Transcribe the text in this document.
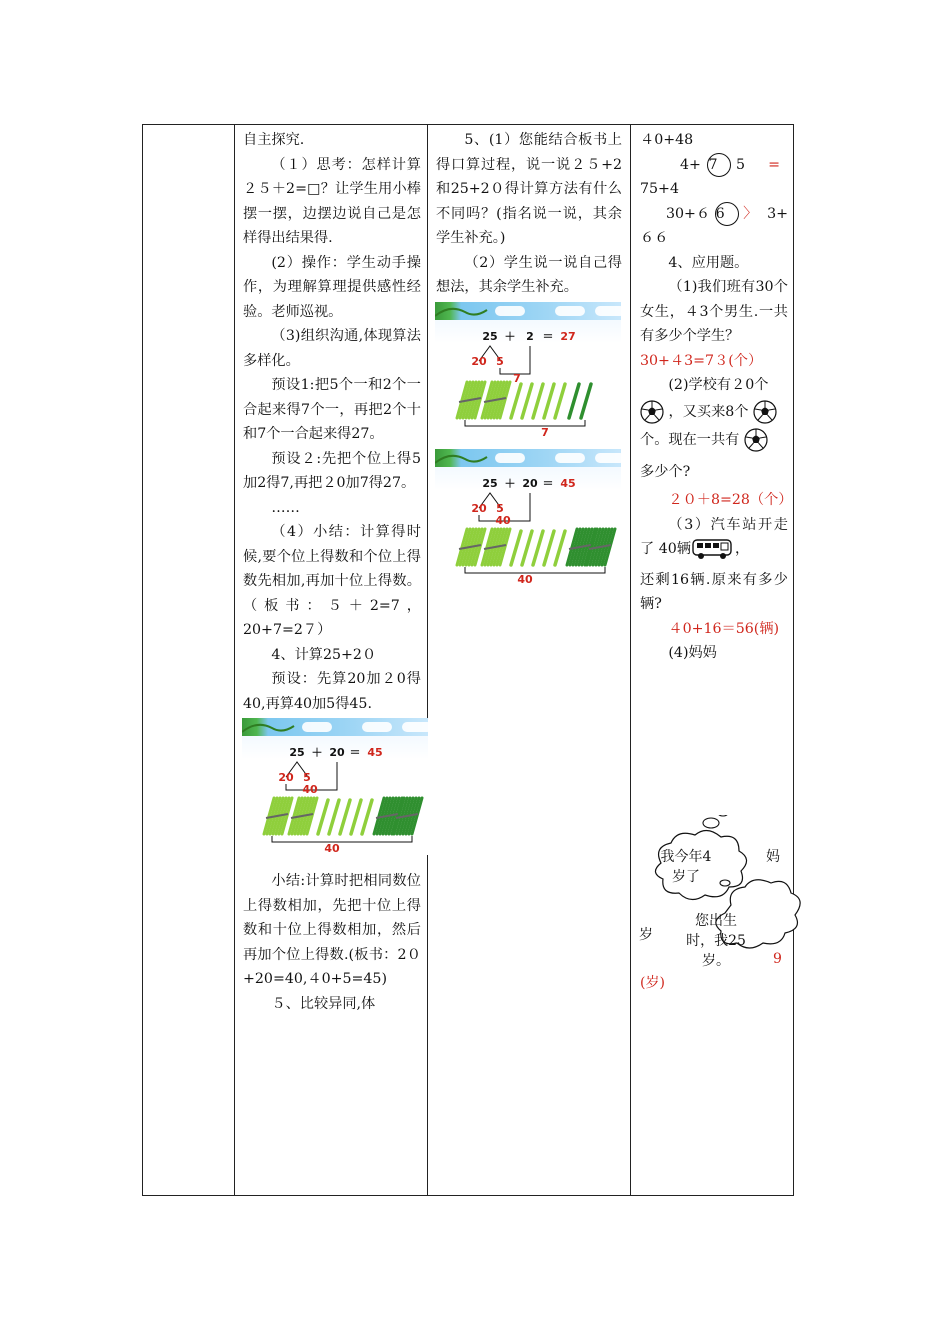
自主探究.

（１）思考：怎样计算２５＋2=□？让学生用小棒摆一摆，边摆边说自己是怎样得出结果得.

(2）操作：学生动手操作，为理解算理提供感性经验。老师巡视。

（3)组织沟通,体现算法多样化。

预设1:把5个一和2个一合起来得7个一，再把2个十和7个一合起来得27。

预设２:先把个位上得5加2得7,再把２0加7得27。

……

（4）小结：计算得时候,要个位上得数和个位上得数先相加,再加十位上得数。（板书：５＋2=7，20+7=2７）

4、计算25+2０

预设：先算20加２0得40,再算40加5得45.

25 ＋ 20 ＝ 45
20 5
40
40

小结:计算时把相同数位上得数相加，先把十位上得数和十位上得数相加，然后再加个位上得数.(板书：2０+20=40,４0+5=45)

５、比较异同,体

5、(1）您能结合板书上得口算过程，说一说２５+2和25+2０得计算方法有什么不同吗？(指名说一说，其余学生补充。)

（2）学生说一说自己得想法，其余学生补充。

25 ＋ 2 ＝ 27
20 5
7
7
25 ＋ 20 ＝ 45
20 5
40
40

４0+48

4+ 7 5 =

75+4

30+６ 6 〉 3+

６６

4、应用题。

（1)我们班有30个女生，４3个男生.一共有多少个学生？

30+４3=7３(个）

(2)学校有２0个

，又买来8个

个。现在一共有

多少个?

２０＋8=28（个）

（3）汽车站开走了 40辆	，

还剩16辆.原来有多少辆?

４0+16＝56(辆)

(4)妈妈

我今年4岁了
妈
岁
您出生时，我25岁。	9
(岁)
